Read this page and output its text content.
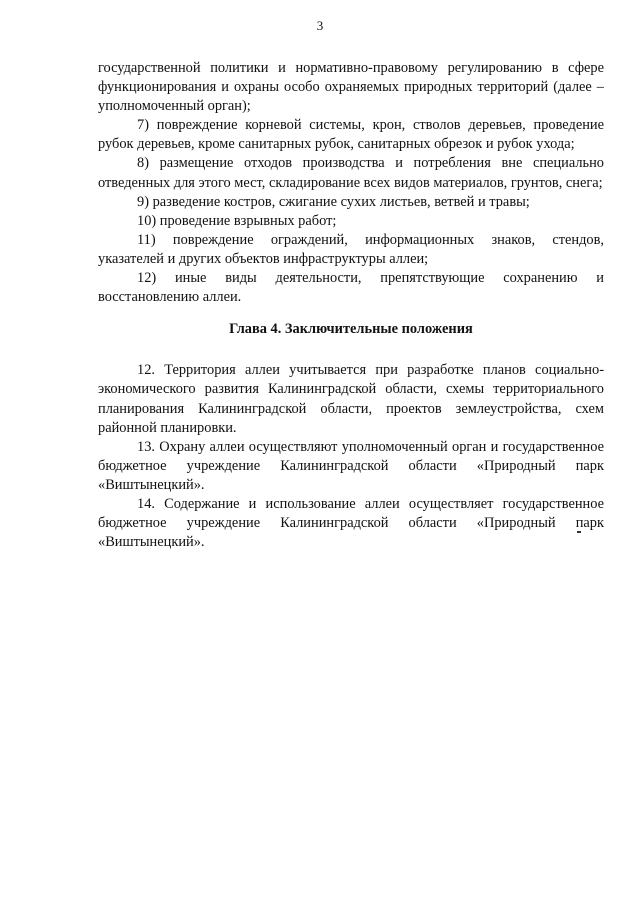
3

государственной политики и нормативно-правовому регулированию в сфере функционирования и охраны особо охраняемых природных территорий (далее – уполномоченный орган);

7) повреждение корневой системы, крон, стволов деревьев, проведение рубок деревьев, кроме санитарных рубок, санитарных обрезок и рубок ухода;

8) размещение отходов производства и потребления вне специально отведенных для этого мест, складирование всех видов материалов, грунтов, снега;

9) разведение костров, сжигание сухих листьев, ветвей и травы;

10) проведение взрывных работ;

11) повреждение ограждений, информационных знаков, стендов, указателей и других объектов инфраструктуры аллеи;

12) иные виды деятельности, препятствующие сохранению и восстановлению аллеи.

Глава 4. Заключительные положения

12. Территория аллеи учитывается при разработке планов социально-экономического развития Калининградской области, схемы территориального планирования Калининградской области, проектов землеустройства, схем районной планировки.

13. Охрану аллеи осуществляют уполномоченный орган и государственное бюджетное учреждение Калининградской области «Природный парк «Виштынецкий».

14. Содержание и использование аллеи осуществляет государственное бюджетное учреждение Калининградской области «Природный парк «Виштынецкий».
